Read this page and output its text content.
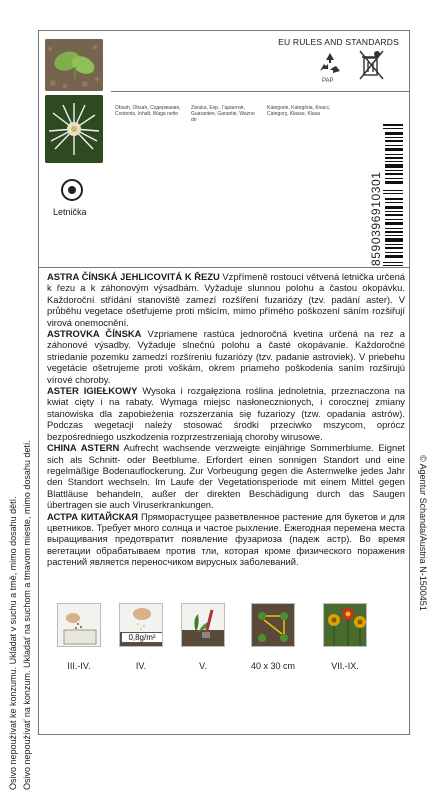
Osivo nepoužívat ke konzumu. Ukládat v suchu a tmě, mimo dosahu dětí. Osivo nepoužívať na konzum. Uklada​ť na suchom a tmavom mieste, mimo dosahu detí.	© Agentur Schanda/Austria N-1500451
EU RULES AND STANDARDS
PAP
Letnička
Obsah, Obsah, Содержание, Contents, Inhalt, Wagа netto
Záruka, Exp., Гарантия, Guarantee, Garantie, Ważne do
Kategorie, Kategória, Класс, Category, Klasse, Klasa
8590396910301

ASTRA ČÍNSKÁ JEHLICOVITÁ K ŘEZU Vzpřímeně rostoucí větvená letnička určená k řezu a k záhonovým výsadbám. Vyžaduje slunnou polohu a častou okopávku. Každoroční střídání stanoviště zamezí rozšíření fuzariózy (tzv. padání aster). V průběhu vegetace ošetřujeme proti mšicím, mimo přímého poškození sáním rozšiřují virová onemocnění.

ASTROVKA ČÍNSKA Vzpriamene rastúca jednoročná kvetina určená na rez a záhonové výsadby. Vyžaduje slnečnú polohu a časté okopávanie. Každoročné striedanie pozemku zamedzí rozšíreniu fuzariózy (tzv. padanie astroviek). V priebehu vegetácie ošetrujeme proti voškám, okrem priameho poškodenia saním rozširujú vírové choroby.

ASTER IGIEŁKOWY Wysoka i rozgałęziona roślina jednoletnia, przeznaczona na kwiat cięty i na rabaty. Wymaga miejsc nasłonecznionych, i corocznej zmiany stanowiska dla zapobieżenia rozszerzania się fuzariozy (tzw. opadania astrów). Podczas wegetacji należy stosować środki przeciwko mszycom, oprócz bezpośredniego uszkodzenia rozprzestrzeniają choroby wirusowe.

CHINA ASTERN Aufrecht wachsende verzweigte einjährige Sommerblume. Eignet sich als Schnitt- oder Beetblume. Erfordert einen sonnigen Standort und eine regelmäßige Bodenauflockerung. Zur Vorbeugung gegen die Asternwelke jedes Jahr den Standort wechseln. Im Laufe der Vegetationsperiode mit einem Mittel gegen Blattläuse behandeln, außer der direkten Beschädigung durch das Saugen übertragen sie auch Viruserkrankungen.

АСТРА КИТАЙСКАЯ Пряморастущее разветвленное растение для букетов и для цветников. Требует много солнца и частое рыхление. Ежегодная перемена места выращивания предотвратит появление фузариоза (падеж астр). Во время вегетации обрабатываем против тли, которая кроме физического поражения растений является переносчиком вирусных заболеваний.

0,8g/m²
III.-IV.	IV.	V.	40 x 30 cm	VII.-IX.
